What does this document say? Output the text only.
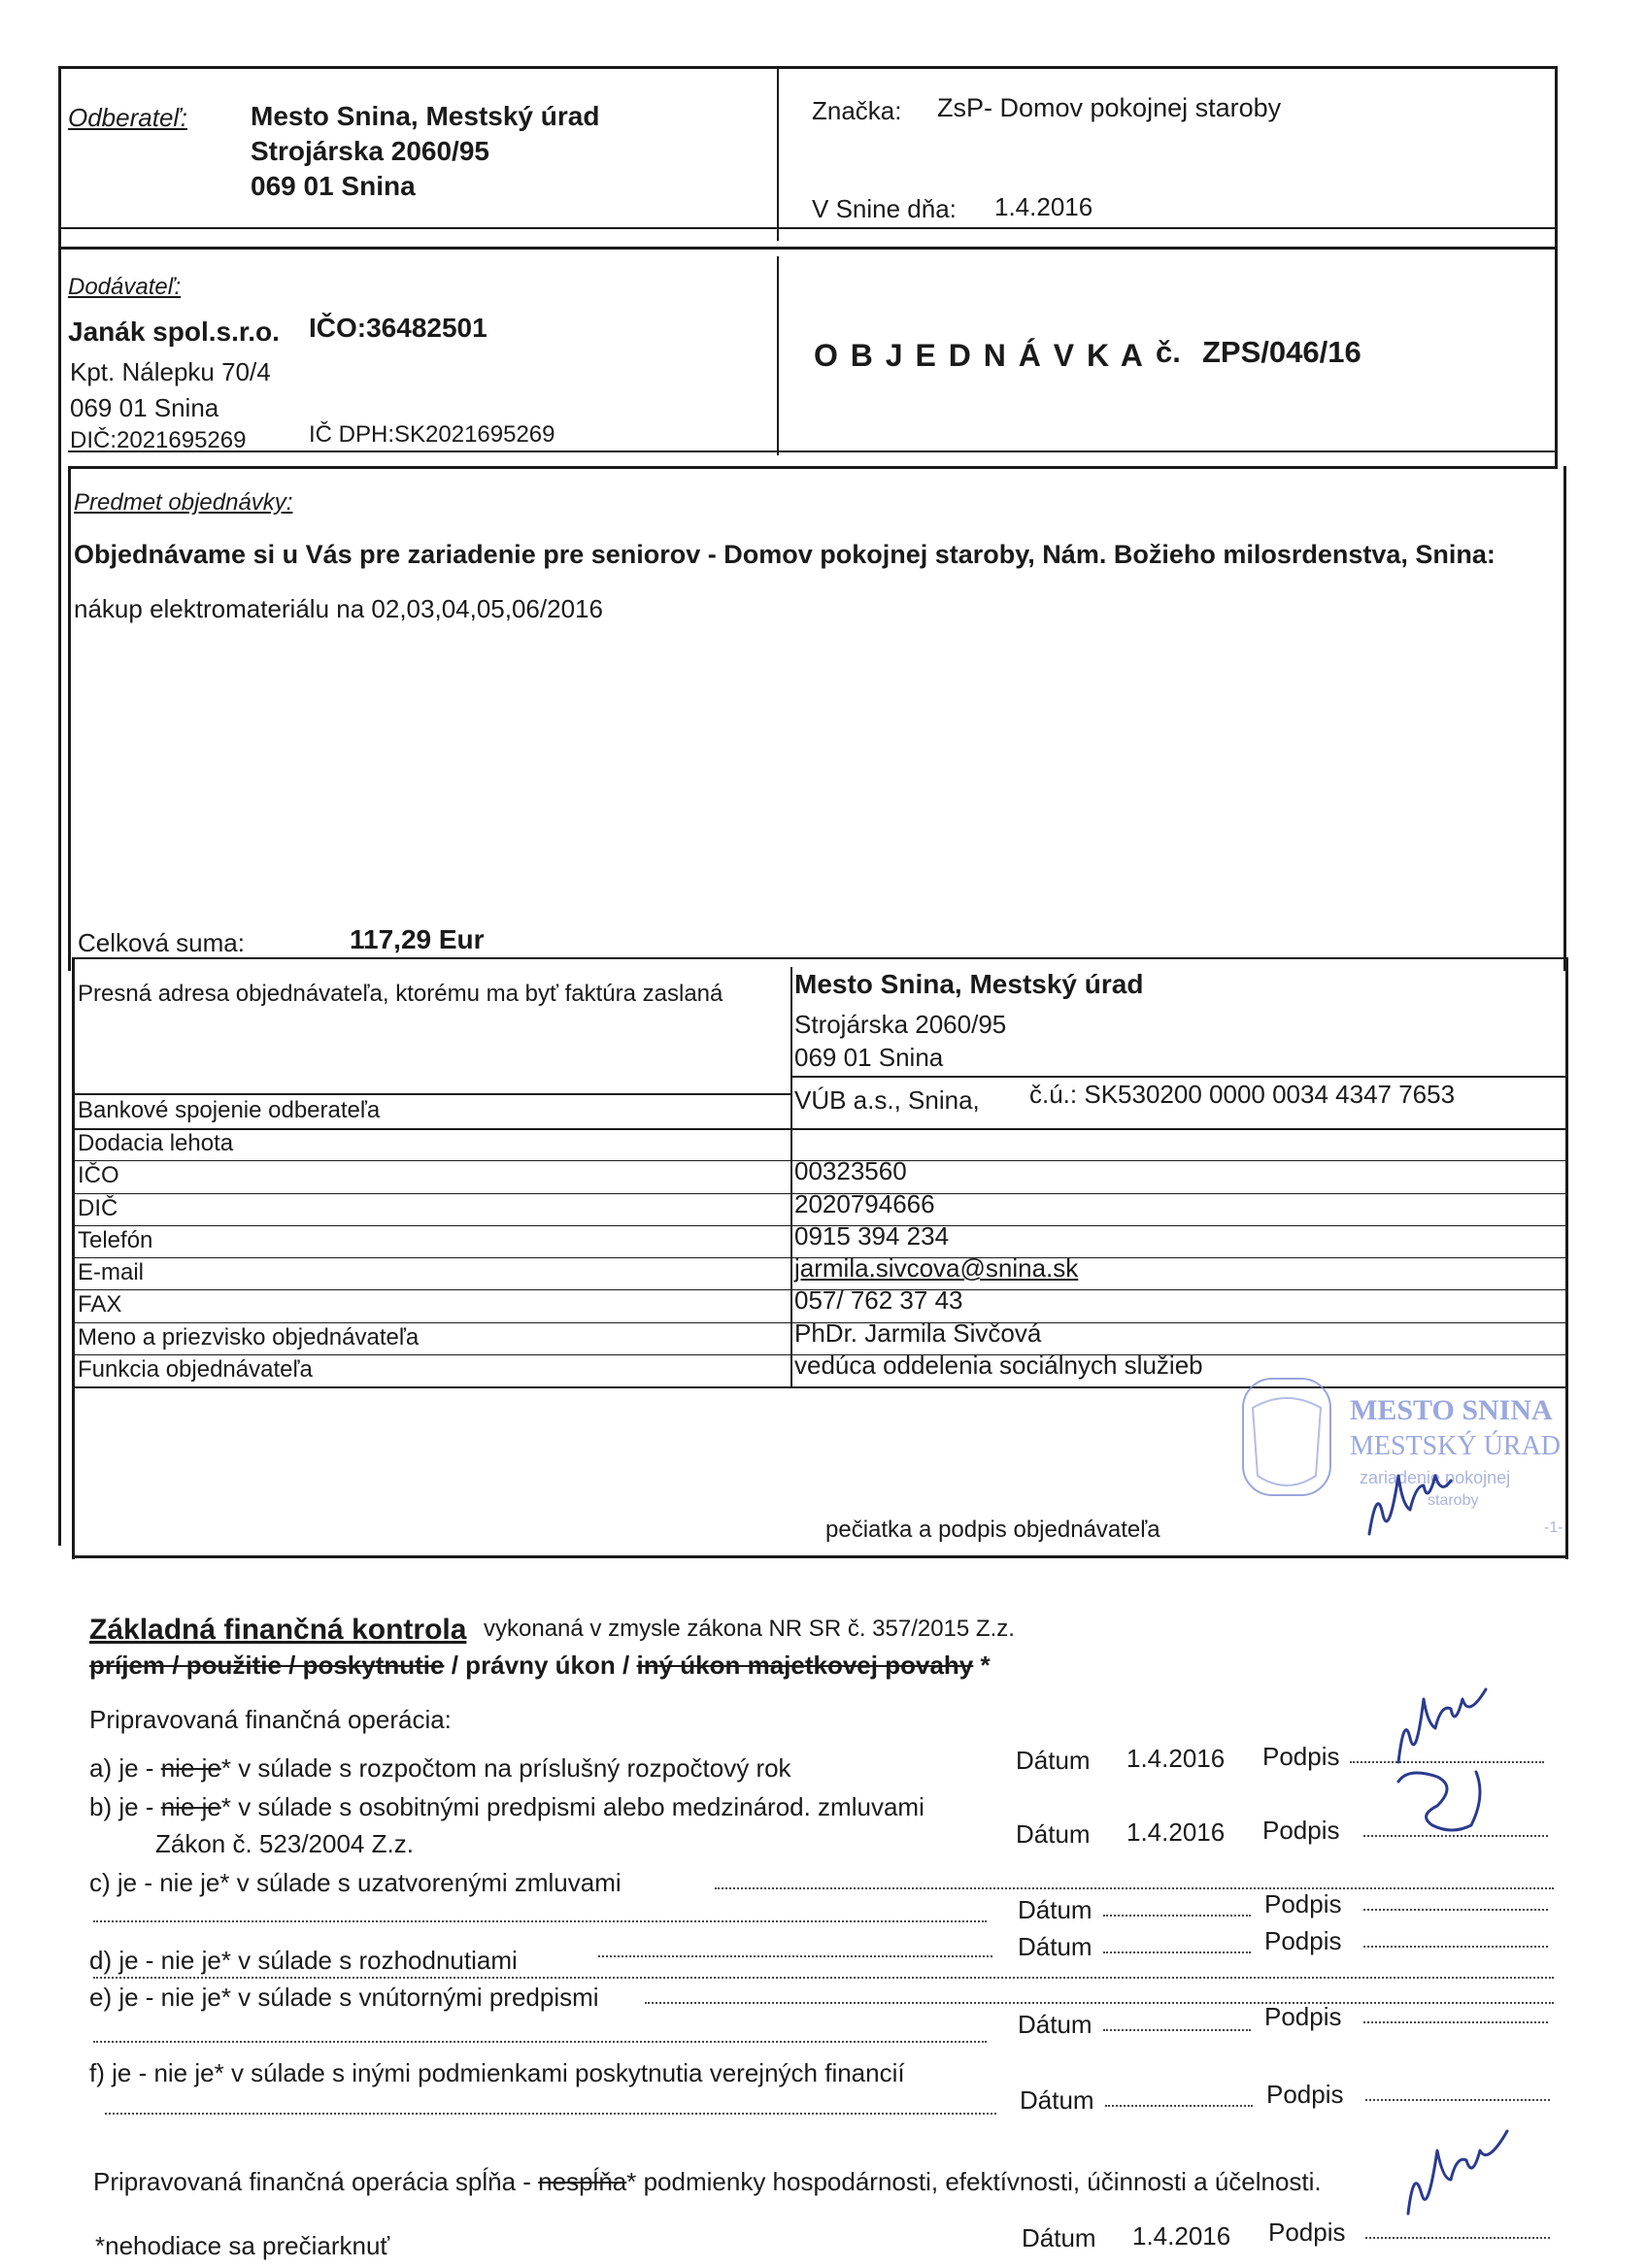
Odberateľ: Mesto Snina, Mestský úrad
Strojárska 2060/95
069 01 Snina
Značka: ZsP- Domov pokojnej staroby
V Snine dňa: 1.4.2016
Dodávateľ:
Janák spol.s.r.o. IČO:36482501
Kpt. Nálepku 70/4
069 01 Snina
DIČ:2021695269	IČ DPH:SK2021695269
O B J E D N Á V K A č. ZPS/046/16
Predmet objednávky:
Objednávame si u Vás pre zariadenie pre seniorov - Domov pokojnej staroby, Nám. Božieho milosrdenstva, Snina:
nákup elektromateriálu na 02,03,04,05,06/2016
Celková suma:	117,29 Eur
Presná adresa objednávateľa, ktorému ma byť faktúra zaslaná	Mesto Snina, Mestský úrad
Strojárska 2060/95
069 01 Snina
Bankové spojenie odberateľa	VÚB a.s., Snina, č.ú.: SK530200 0000 0034 4347 7653
Dodacia lehota
IČO	00323560
DIČ	2020794666
Telefón	0915 394 234
E-mail	jarmila.sivcova@snina.sk
FAX	057/ 762 37 43
Meno a priezvisko objednávateľa	PhDr. Jarmila Sivčová
Funkcia objednávateľa	vedúca oddelenia sociálnych služieb
MESTO SNINA
MESTSKÝ ÚRAD
zariadenie pokojnej
staroby
-1-
pečiatka a podpis objednávateľa
Základná finančná kontrola vykonaná v zmysle zákona NR SR č. 357/2015 Z.z.
príjem / použitie / poskytnutie / právny úkon / iný úkon majetkovej povahy *
Pripravovaná finančná operácia:
a) je - nie je* v súlade s rozpočtom na príslušný rozpočtový rok	Dátum 1.4.2016 Podpis
b) je - nie je* v súlade s osobitnými predpismi alebo medzinárod. zmluvami
Zákon č. 523/2004 Z.z.	Dátum 1.4.2016 Podpis
c) je - nie je* v súlade s uzatvorenými zmluvami
Dátum	Podpis
d) je - nie je* v súlade s rozhodnutiami	Dátum	Podpis
e) je - nie je* v súlade s vnútornými predpismi
Dátum	Podpis
f) je - nie je* v súlade s inými podmienkami poskytnutia verejných financií
Dátum	Podpis
Pripravovaná finančná operácia spĺňa - nespĺňa* podmienky hospodárnosti, efektívnosti, účinnosti a účelnosti.
*nehodiace sa prečiarknuť	Dátum 1.4.2016 Podpis
